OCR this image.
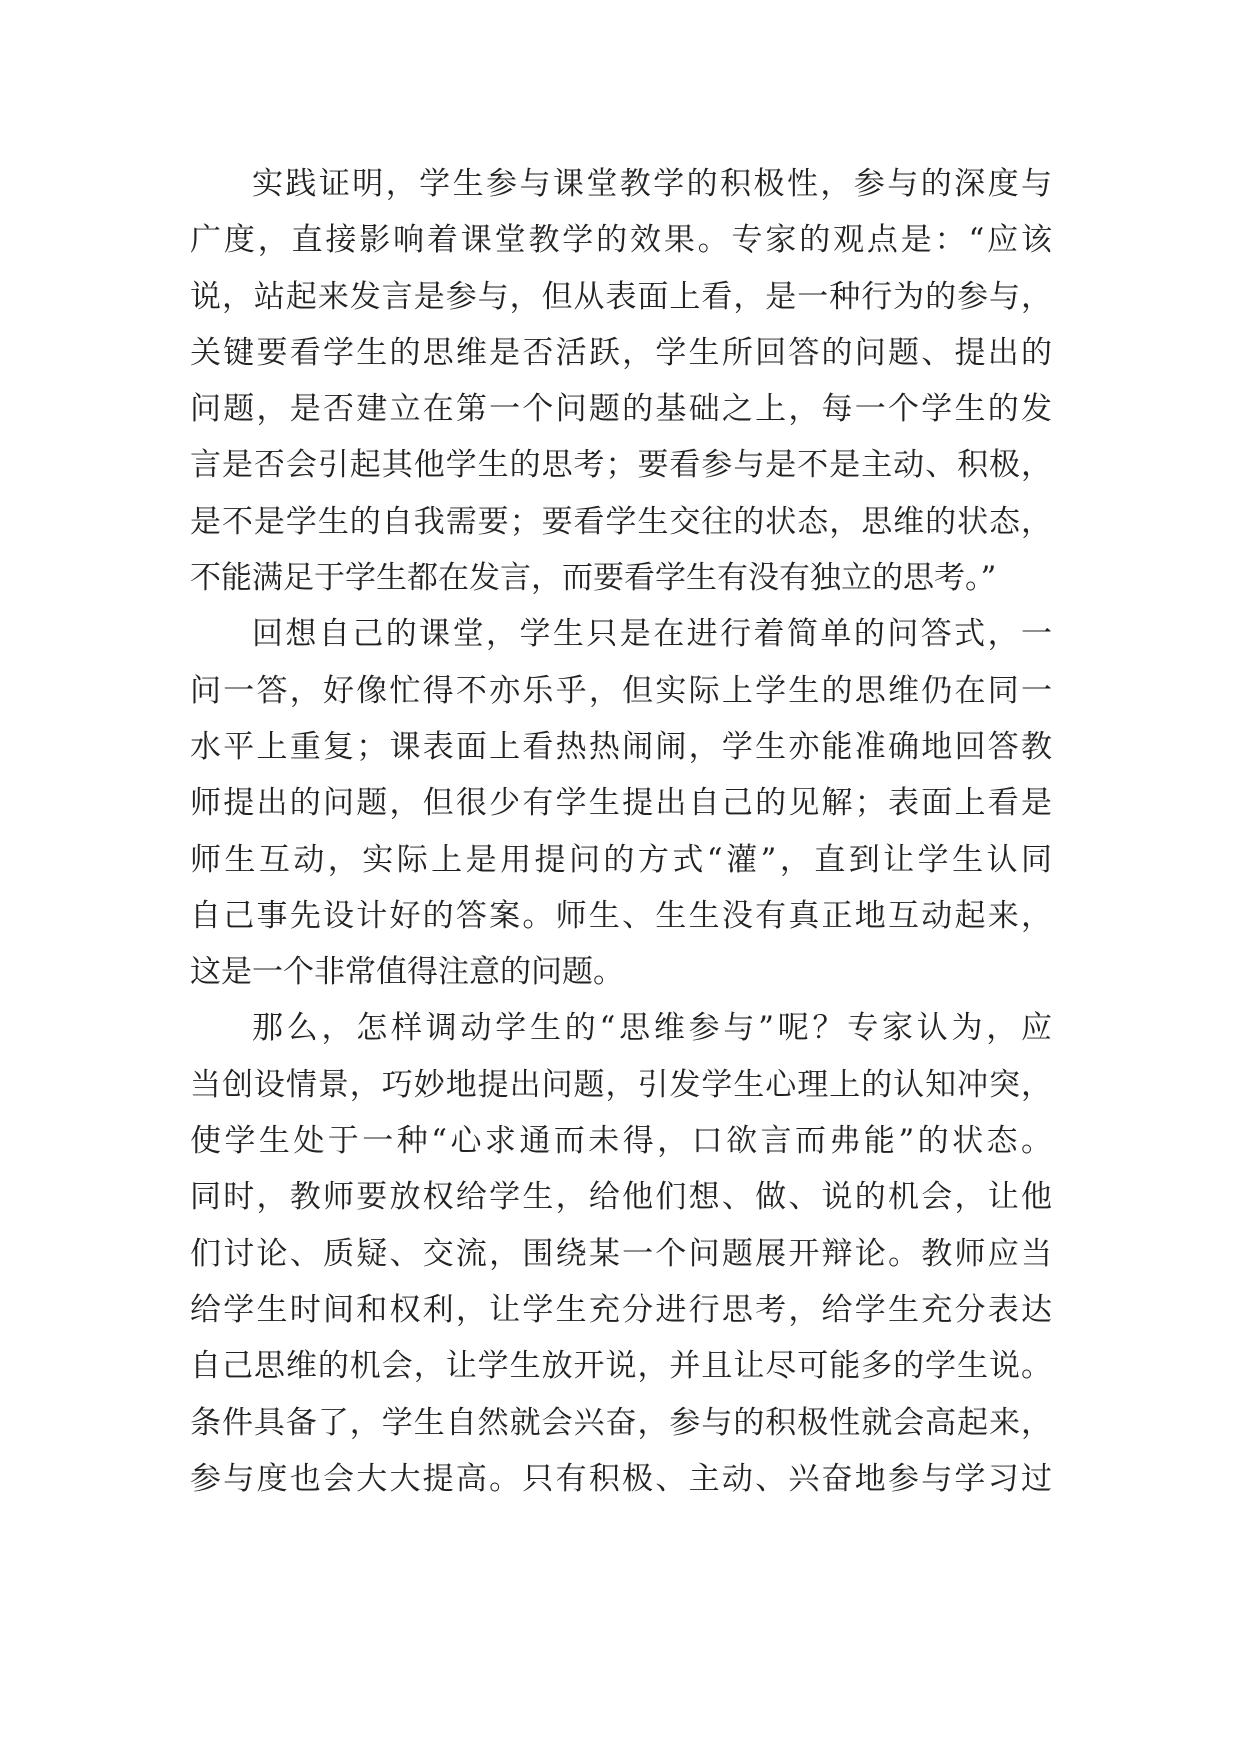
实践证明，学生参与课堂教学的积极性，参与的深度与
广度，直接影响着课堂教学的效果。专家的观点是：“应该
说，站起来发言是参与，但从表面上看，是一种行为的参与，
关键要看学生的思维是否活跃，学生所回答的问题、提出的
问题，是否建立在第一个问题的基础之上，每一个学生的发
言是否会引起其他学生的思考；要看参与是不是主动、积极，
是不是学生的自我需要；要看学生交往的状态，思维的状态，
不能满足于学生都在发言，而要看学生有没有独立的思考。”
回想自己的课堂，学生只是在进行着简单的问答式，一
问一答，好像忙得不亦乐乎，但实际上学生的思维仍在同一
水平上重复；课表面上看热热闹闹，学生亦能准确地回答教
师提出的问题，但很少有学生提出自己的见解；表面上看是
师生互动，实际上是用提问的方式“灌”，直到让学生认同
自己事先设计好的答案。师生、生生没有真正地互动起来，
这是一个非常值得注意的问题。
那么，怎样调动学生的“思维参与”呢？专家认为，应
当创设情景，巧妙地提出问题，引发学生心理上的认知冲突，
使学生处于一种“心求通而未得，口欲言而弗能”的状态。
同时，教师要放权给学生，给他们想、做、说的机会，让他
们讨论、质疑、交流，围绕某一个问题展开辩论。教师应当
给学生时间和权利，让学生充分进行思考，给学生充分表达
自己思维的机会，让学生放开说，并且让尽可能多的学生说。
条件具备了，学生自然就会兴奋，参与的积极性就会高起来，
参与度也会大大提高。只有积极、主动、兴奋地参与学习过
